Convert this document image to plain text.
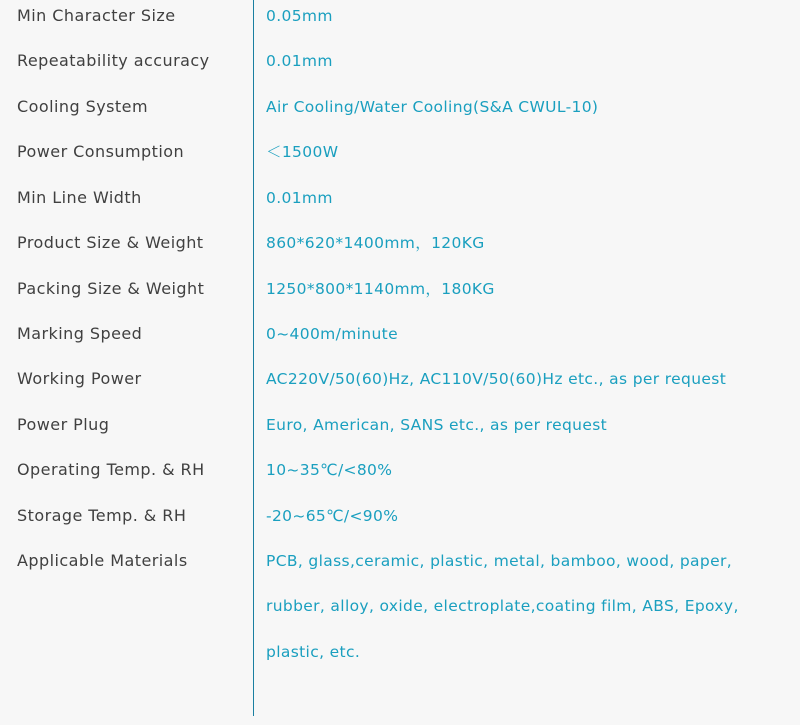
Min Character Size	0.05mm
Repeatability accuracy	0.01mm
Cooling System	Air Cooling/Water Cooling(S&A CWUL-10)
Power Consumption	＜1500W
Min Line Width	0.01mm
Product Size & Weight	860*620*1400mm，120KG
Packing Size & Weight	1250*800*1140mm，180KG
Marking Speed	0~400m/minute
Working Power	AC220V/50(60)Hz, AC110V/50(60)Hz etc., as per request
Power Plug	Euro, American, SANS etc., as per request
Operating Temp. & RH	10~35℃/<80%
Storage Temp. & RH	-20~65℃/<90%
Applicable Materials	PCB, glass,ceramic, plastic, metal, bamboo, wood, paper,
rubber, alloy, oxide, electroplate,coating film, ABS, Epoxy,
plastic, etc.
